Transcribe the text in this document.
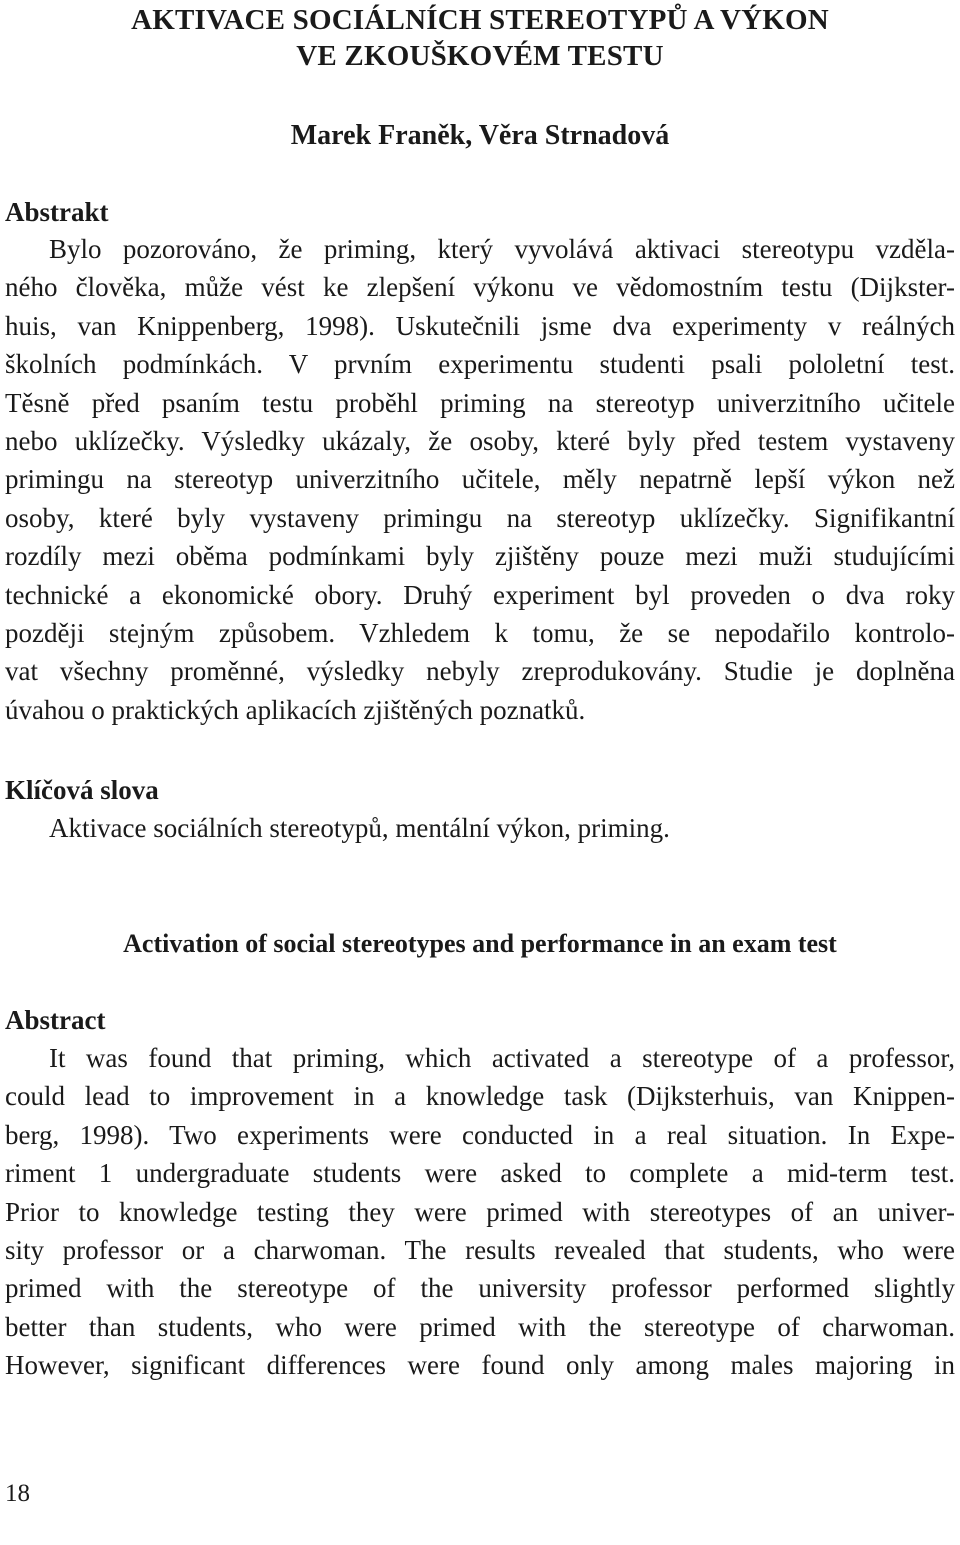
AKTIVACE SOCIÁLNÍCH STEREOTYPŮ A VÝKON
VE ZKOUŠKOVÉM TESTU
Marek Franěk, Věra Strnadová
Abstrakt
Bylo pozorováno, že priming, který vyvolává aktivaci stereotypu vzděla-
ného člověka, může vést ke zlepšení výkonu ve vědomostním testu (Dijkster-
huis, van Knippenberg, 1998). Uskutečnili jsme dva experimenty v reálných
školních podmínkách. V prvním experimentu studenti psali pololetní test.
Těsně před psaním testu proběhl priming na stereotyp univerzitního učitele
nebo uklízečky. Výsledky ukázaly, že osoby, které byly před testem vystaveny
primingu na stereotyp univerzitního učitele, měly nepatrně lepší výkon než
osoby, které byly vystaveny primingu na stereotyp uklízečky. Signifikantní
rozdíly mezi oběma podmínkami byly zjištěny pouze mezi muži studujícími
technické a ekonomické obory. Druhý experiment byl proveden o dva roky
později stejným způsobem. Vzhledem k tomu, že se nepodařilo kontrolo-
vat všechny proměnné, výsledky nebyly zreprodukovány. Studie je doplněna
úvahou o praktických aplikacích zjištěných poznatků.
Klíčová slova
Aktivace sociálních stereotypů, mentální výkon, priming.
Activation of social stereotypes and performance in an exam test
Abstract
It was found that priming, which activated a stereotype of a professor,
could lead to improvement in a knowledge task (Dijksterhuis, van Knippen-
berg, 1998). Two experiments were conducted in a real situation. In Expe-
riment 1 undergraduate students were asked to complete a mid-term test.
Prior to knowledge testing they were primed with stereotypes of an univer-
sity professor or a charwoman. The results revealed that students, who were
primed with the stereotype of the university professor performed slightly
better than students, who were primed with the stereotype of charwoman.
However, significant differences were found only among males majoring in
18
